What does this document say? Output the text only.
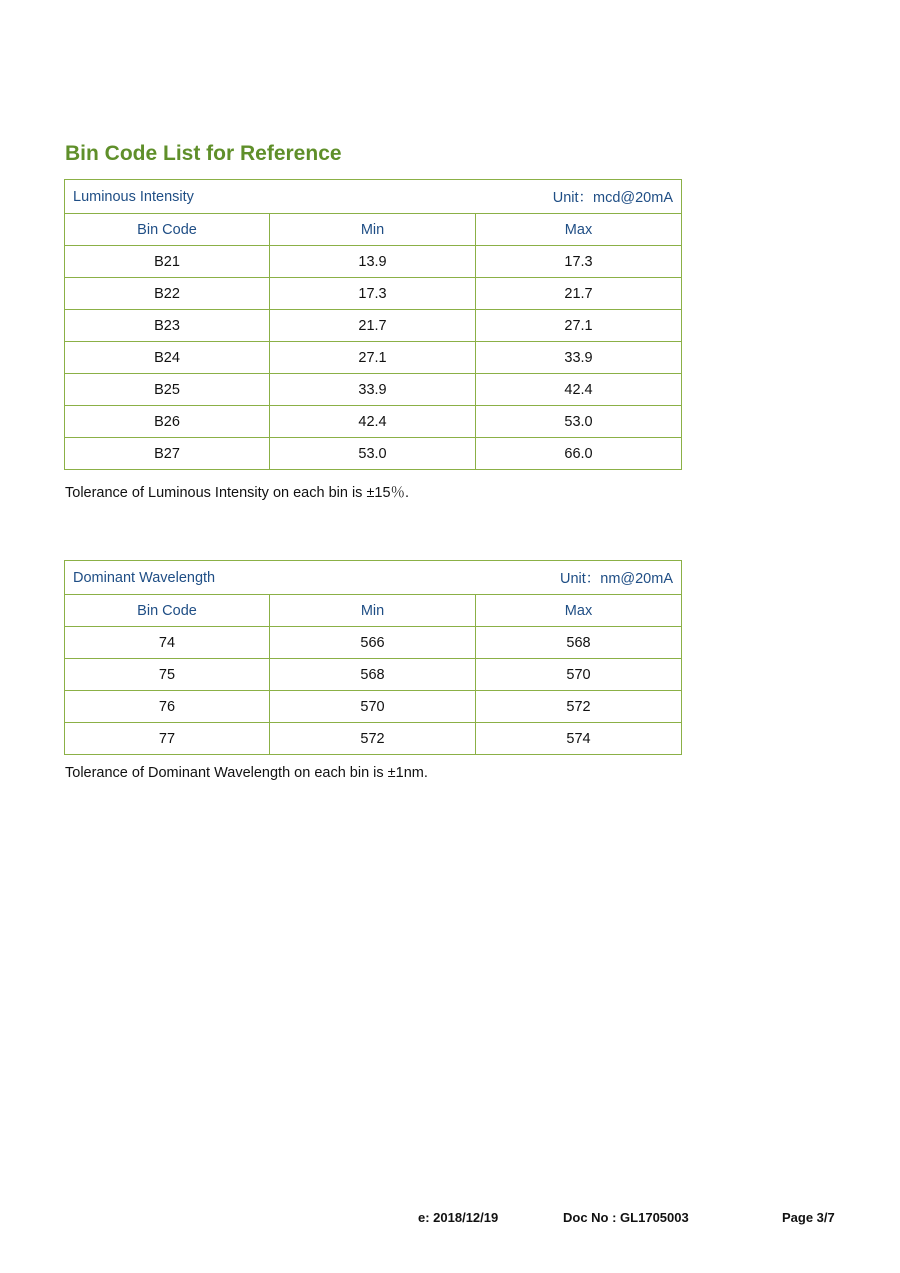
Bin Code List for Reference
Luminous Intensity Unit：mcd@20mA		

Bin Code	Min	Max
B21	13.9	17.3
B22	17.3	21.7
B23	21.7	27.1
B24	27.1	33.9
B25	33.9	42.4
B26	42.4	53.0
B27	53.0	66.0

Tolerance of Luminous Intensity on each bin is ±15％.

Dominant Wavelength Unit：nm@20mA		

Bin Code	Min	Max
74	566	568
75	568	570
76	570	572
77	572	574

Tolerance of Dominant Wavelength on each bin is ±1nm.

e: 2018/12/19	Doc No : GL1705003	Page 3/7
